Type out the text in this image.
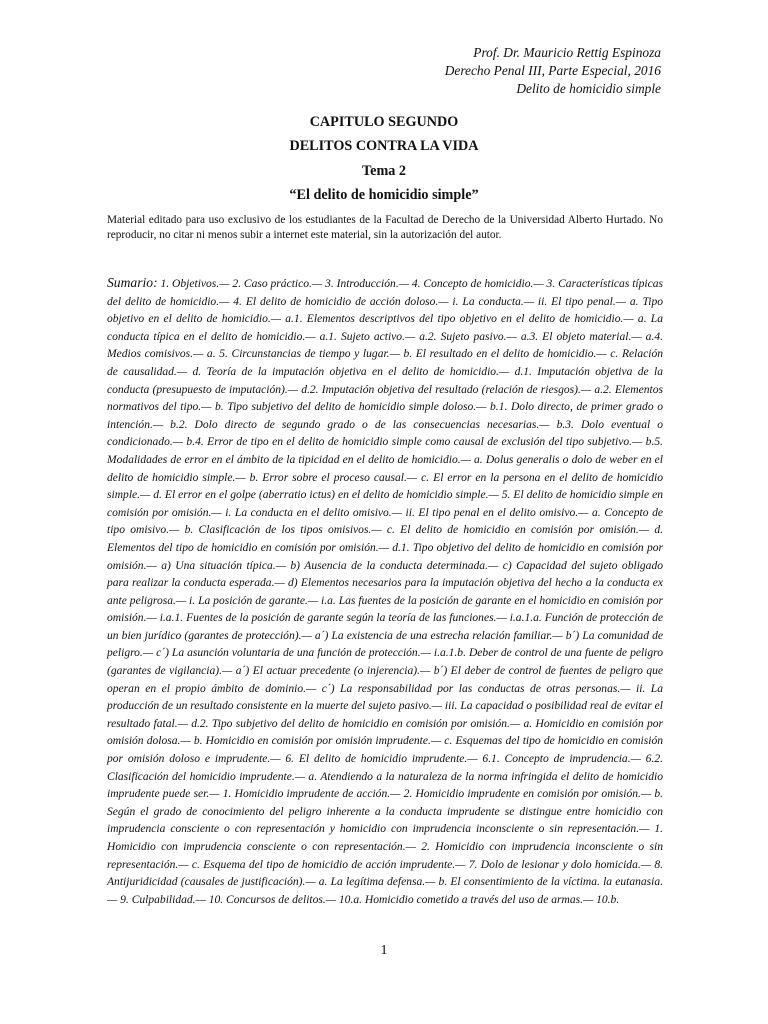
Prof. Dr. Mauricio Rettig Espinoza
Derecho Penal III, Parte Especial, 2016
Delito de homicidio simple
CAPITULO SEGUNDO
DELITOS CONTRA LA VIDA
Tema 2
“El delito de homicidio simple”
Material editado para uso exclusivo de los estudiantes de la Facultad de Derecho de la Universidad Alberto Hurtado. No reproducir, no citar ni menos subir a internet este material, sin la autorización del autor.
Sumario: 1. Objetivos.— 2. Caso práctico.— 3. Introducción.— 4. Concepto de homicidio.— 3. Características típicas del delito de homicidio.— 4. El delito de homicidio de acción doloso.— i. La conducta.— ii. El tipo penal.— a. Tipo objetivo en el delito de homicidio.— a.1. Elementos descriptivos del tipo objetivo en el delito de homicidio.— a. La conducta típica en el delito de homicidio.— a.1. Sujeto activo.— a.2. Sujeto pasivo.— a.3. El objeto material.— a.4. Medios comisivos.— a. 5. Circunstancias de tiempo y lugar.— b. El resultado en el delito de homicidio.— c. Relación de causalidad.— d. Teoría de la imputación objetiva en el delito de homicidio.— d.1. Imputación objetiva de la conducta (presupuesto de imputación).— d.2. Imputación objetiva del resultado (relación de riesgos).— a.2. Elementos normativos del tipo.— b. Tipo subjetivo del delito de homicidio simple doloso.— b.1. Dolo directo, de primer grado o intención.— b.2. Dolo directo de segundo grado o de las consecuencias necesarias.— b.3. Dolo eventual o condicionado.— b.4. Error de tipo en el delito de homicidio simple como causal de exclusión del tipo subjetivo.— b.5. Modalidades de error en el ámbito de la tipicidad en el delito de homicidio.— a. Dolus generalis o dolo de weber en el delito de homicidio simple.— b. Error sobre el proceso causal.— c. El error en la persona en el delito de homicidio simple.— d. El error en el golpe (aberratio ictus) en el delito de homicidio simple.— 5. El delito de homicidio simple en comisión por omisión.— i. La conducta en el delito omisivo.— ii. El tipo penal en el delito omisivo.— a. Concepto de tipo omisivo.— b. Clasificación de los tipos omisivos.— c. El delito de homicidio en comisión por omisión.— d. Elementos del tipo de homicidio en comisión por omisión.— d.1. Tipo objetivo del delito de homicidio en comisión por omisión.— a) Una situación típica.— b) Ausencia de la conducta determinada.— c) Capacidad del sujeto obligado para realizar la conducta esperada.— d) Elementos necesarios para la imputación objetiva del hecho a la conducta ex ante peligrosa.— i. La posición de garante.— i.a. Las fuentes de la posición de garante en el homicidio en comisión por omisión.— i.a.1. Fuentes de la posición de garante según la teoría de las funciones.— i.a.1.a. Función de protección de un bien jurídico (garantes de protección).— a´) La existencia de una estrecha relación familiar.— b´) La comunidad de peligro.— c´) La asunción voluntaria de una función de protección.— i.a.1.b. Deber de control de una fuente de peligro (garantes de vigilancia).— a´) El actuar precedente (o injerencia).— b´) El deber de control de fuentes de peligro que operan en el propio ámbito de dominio.— c´) La responsabilidad por las conductas de otras personas.— ii. La producción de un resultado consistente en la muerte del sujeto pasivo.— iii. La capacidad o posibilidad real de evitar el resultado fatal.— d.2. Tipo subjetivo del delito de homicidio en comisión por omisión.— a. Homicidio en comisión por omisión dolosa.— b. Homicidio en comisión por omisión imprudente.— c. Esquemas del tipo de homicidio en comisión por omisión doloso e imprudente.— 6. El delito de homicidio imprudente.— 6.1. Concepto de imprudencia.— 6.2. Clasificación del homicidio imprudente.— a. Atendiendo a la naturaleza de la norma infringida el delito de homicidio imprudente puede ser.— 1. Homicidio imprudente de acción.— 2. Homicidio imprudente en comisión por omisión.— b. Según el grado de conocimiento del peligro inherente a la conducta imprudente se distingue entre homicidio con imprudencia consciente o con representación y homicidio con imprudencia inconsciente o sin representación.— 1. Homicidio con imprudencia consciente o con representación.— 2. Homicidio con imprudencia inconsciente o sin representación.— c. Esquema del tipo de homicidio de acción imprudente.— 7. Dolo de lesionar y dolo homicida.— 8. Antijuridicidad (causales de justificación).— a. La legítima defensa.— b. El consentimiento de la víctima. la eutanasia.— 9. Culpabilidad.— 10. Concursos de delitos.— 10.a. Homicidio cometido a través del uso de armas.— 10.b.
1
